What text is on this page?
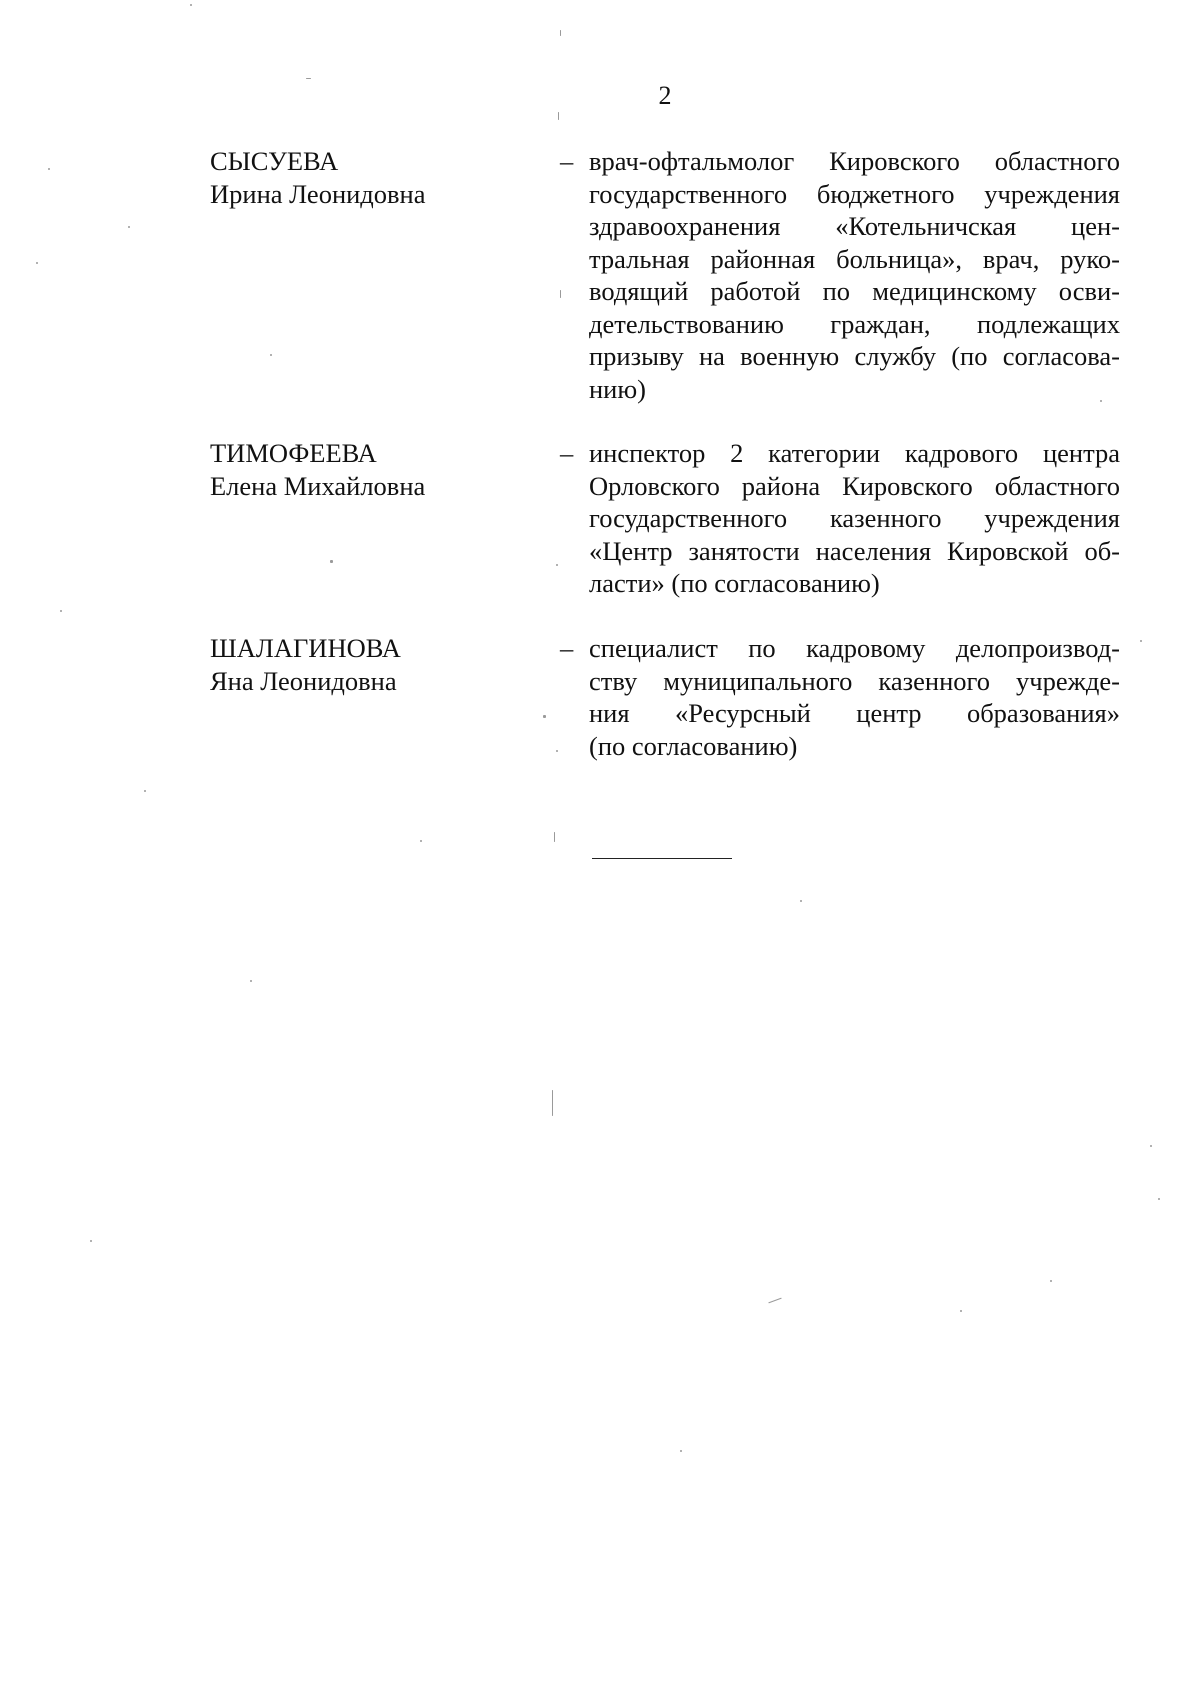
2
СЫСУЕВА
Ирина Леонидовна
– врач-офтальмолог Кировского областного
государственного бюджетного учреждения
здравоохранения «Котельничская цен-
тральная районная больница», врач, руко-
водящий работой по медицинскому осви-
детельствованию граждан, подлежащих
призыву на военную службу (по согласова-
нию)
ТИМОФЕЕВА
Елена Михайловна
– инспектор 2 категории кадрового центра
Орловского района Кировского областного
государственного казенного учреждения
«Центр занятости населения Кировской об-
ласти» (по согласованию)
ШАЛАГИНОВА
Яна Леонидовна
– специалист по кадровому делопроизвод-
ству муниципального казенного учрежде-
ния «Ресурсный центр образования»
(по согласованию)
